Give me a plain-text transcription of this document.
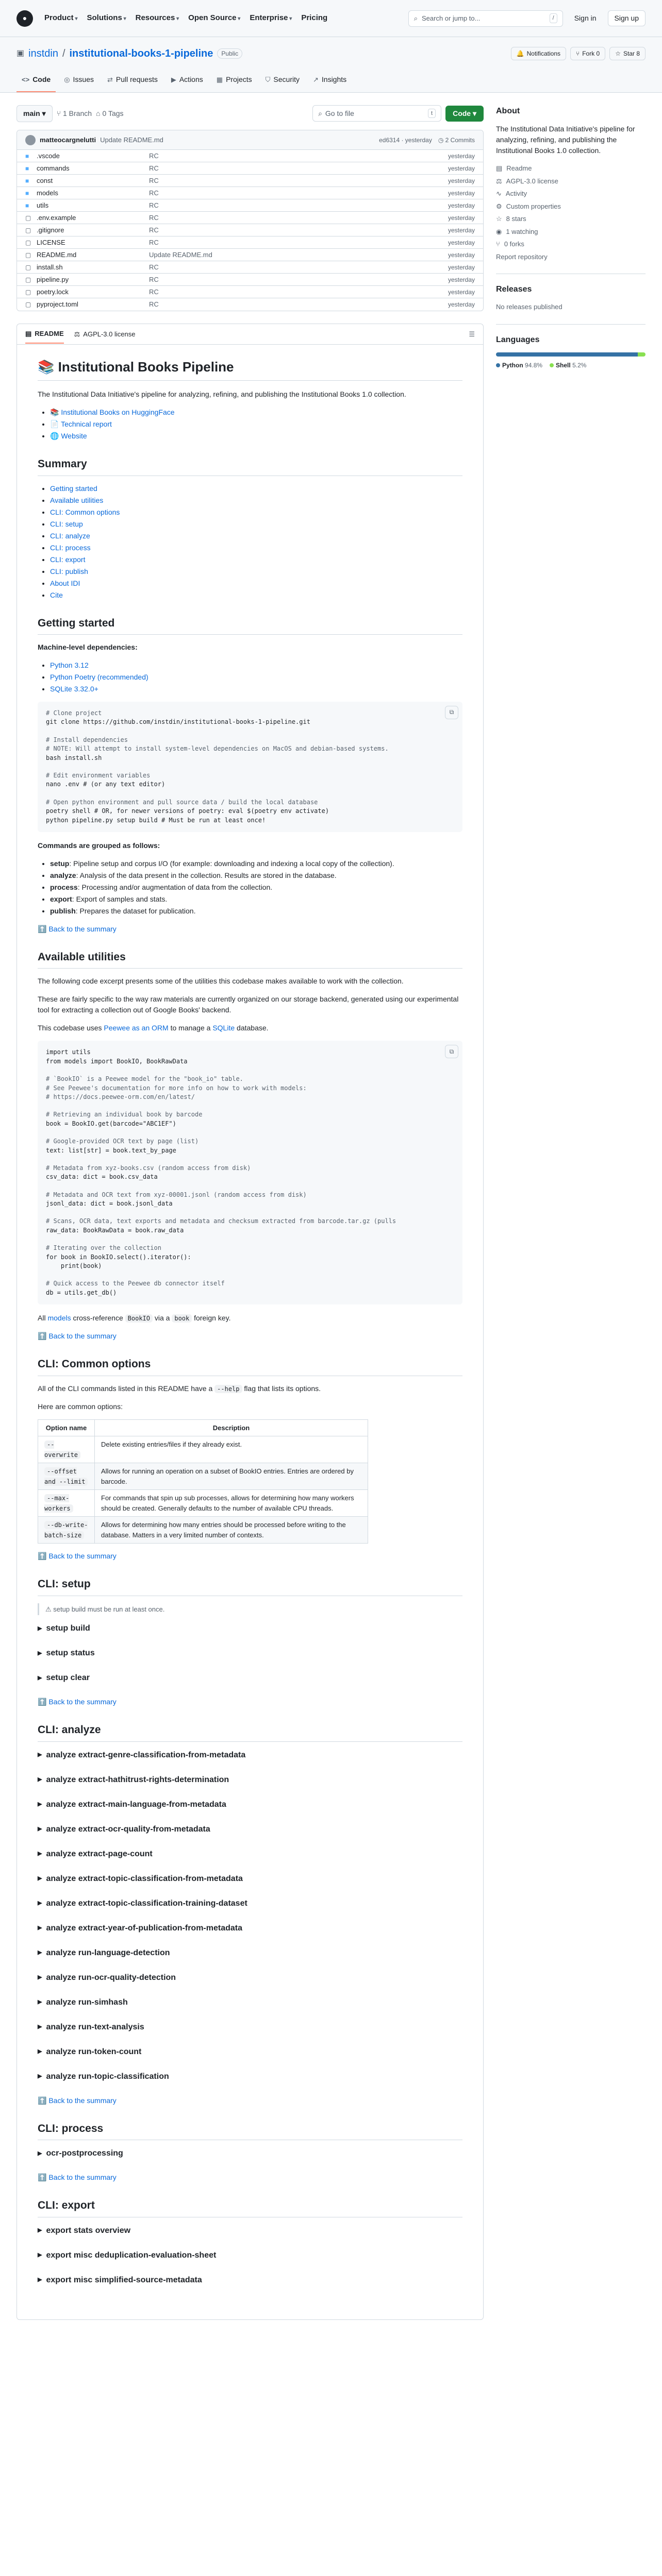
●	Product ▾	Solutions ▾	Resources ▾	Open Source ▾	Enterprise ▾	Pricing	⌕ Search or jump to...	/	Sign in	Sign up
▣ instdin / institutional-books-1-pipeline	Public	🔔 Notifications	⑂ Fork 0	☆ Star 8
<> Code ◎ Issues ⇄ Pull requests ▶ Actions ▦ Projects ⛉ Security ↗ Insights
main ▾	⑂ 1 Branch ⌂ 0 Tags	⌕ Go to file	t	Code ▾
matteocargnelutti Update README.md	ed6314 · yesterday ◷ 2 Commits
■	.vscode	RC	yesterday
■	commands	RC	yesterday
■	const	RC	yesterday
■	models	RC	yesterday
■	utils	RC	yesterday
▢ .env.example	RC	yesterday
▢ .gitignore	RC	yesterday
▢ LICENSE	RC	yesterday
▢ README.md	Update README.md	yesterday
▢ install.sh	RC	yesterday
▢ pipeline.py	RC	yesterday
▢ poetry.lock	RC	yesterday
▢ pyproject.toml	RC	yesterday
▤ README ⚖ AGPL-3.0 license	☰
📚 Institutional Books Pipeline

The Institutional Data Initiative's pipeline for analyzing, refining, and publishing the Institutional Books 1.0 collection.

• 📚 Institutional Books on HuggingFace
• 📄 Technical report
• 🌐 Website
Summary
• Getting started
• Available utilities
• CLI: Common options
• CLI: setup
• CLI: analyze
• CLI: process
• CLI: export
• CLI: publish
• About IDI
• Cite
Getting started

Machine-level dependencies:

• Python 3.12
• Python Poetry (recommended)
• SQLite 3.32.0+
⧉
# Clone project
git clone https://github.com/instdin/institutional-books-1-pipeline.git
# Install dependencies
# NOTE: Will attempt to install system-level dependencies on MacOS and debian-based systems.
bash install.sh
# Edit environment variables
nano .env # (or any text editor)
# Open python environment and pull source data / build the local database
poetry shell # OR, for newer versions of poetry: eval $(poetry env activate)
python pipeline.py setup build # Must be run at least once!

Commands are grouped as follows:

• setup: Pipeline setup and corpus I/O (for example: downloading and indexing a local copy of the collection).
• analyze: Analysis of the data present in the collection. Results are stored in the database.
• process: Processing and/or augmentation of data from the collection.
• export: Export of samples and stats.
• publish: Prepares the dataset for publication.
⬆️ Back to the summary
Available utilities

The following code excerpt presents some of the utilities this codebase makes available to work with the collection.

These are fairly specific to the way raw materials are currently organized on our storage backend, generated using our experimental tool for extracting a collection out of Google Books' backend.

This codebase uses Peewee as an ORM to manage a SQLite database.

⧉
import utils
from models import BookIO, BookRawData
# `BookIO` is a Peewee model for the "book_io" table.
# See Peewee's documentation for more info on how to work with models:
# https://docs.peewee-orm.com/en/latest/
# Retrieving an individual book by barcode
book = BookIO.get(barcode="ABC1EF")
# Google-provided OCR text by page (list)
text: list[str] = book.text_by_page
# Metadata from xyz-books.csv (random access from disk)
csv_data: dict = book.csv_data
# Metadata and OCR text from xyz-00001.jsonl (random access from disk)
jsonl_data: dict = book.jsonl_data
# Scans, OCR data, text exports and metadata and checksum extracted from barcode.tar.gz (pulls
raw_data: BookRawData = book.raw_data
# Iterating over the collection
for book in BookIO.select().iterator():
print(book)
# Quick access to the Peewee db connector itself
db = utils.get_db()

All models cross-reference BookIO via a book foreign key.

⬆️ Back to the summary
CLI: Common options

All of the CLI commands listed in this README have a --help flag that lists its options.

Here are common options:

Option name	Description
--overwrite	Delete existing entries/files if they already exist.
--offset and --limit	Allows for running an operation on a subset of BookIO entries. Entries are ordered by barcode.
--max-workers	For commands that spin up sub processes, allows for determining how many workers should be created. Generally defaults to the number of available CPU threads.
--db-write-batch-size	Allows for determining how many entries should be processed before writing to the database. Matters in a very limited number of contexts.
⬆️ Back to the summary
CLI: setup
⚠ setup build must be run at least once.
▶ setup build
▶ setup status
▶ setup clear
⬆️ Back to the summary
CLI: analyze
▶ analyze extract-genre-classification-from-metadata
▶ analyze extract-hathitrust-rights-determination
▶ analyze extract-main-language-from-metadata
▶ analyze extract-ocr-quality-from-metadata
▶ analyze extract-page-count
▶ analyze extract-topic-classification-from-metadata
▶ analyze extract-topic-classification-training-dataset
▶ analyze extract-year-of-publication-from-metadata
▶ analyze run-language-detection
▶ analyze run-ocr-quality-detection
▶ analyze run-simhash
▶ analyze run-text-analysis
▶ analyze run-token-count
▶ analyze run-topic-classification
⬆️ Back to the summary
CLI: process
▶ ocr-postprocessing
⬆️ Back to the summary
CLI: export
▶ export stats overview
▶ export misc deduplication-evaluation-sheet
▶ export misc simplified-source-metadata
About

The Institutional Data Initiative's pipeline for analyzing, refining, and publishing the Institutional Books 1.0 collection.

▤ Readme
⚖ AGPL-3.0 license
∿ Activity
⚙ Custom properties
☆ 8 stars
◉ 1 watching
⑂ 0 forks
Report repository
Releases

No releases published

Languages
Python 94.8%	Shell 5.2%
